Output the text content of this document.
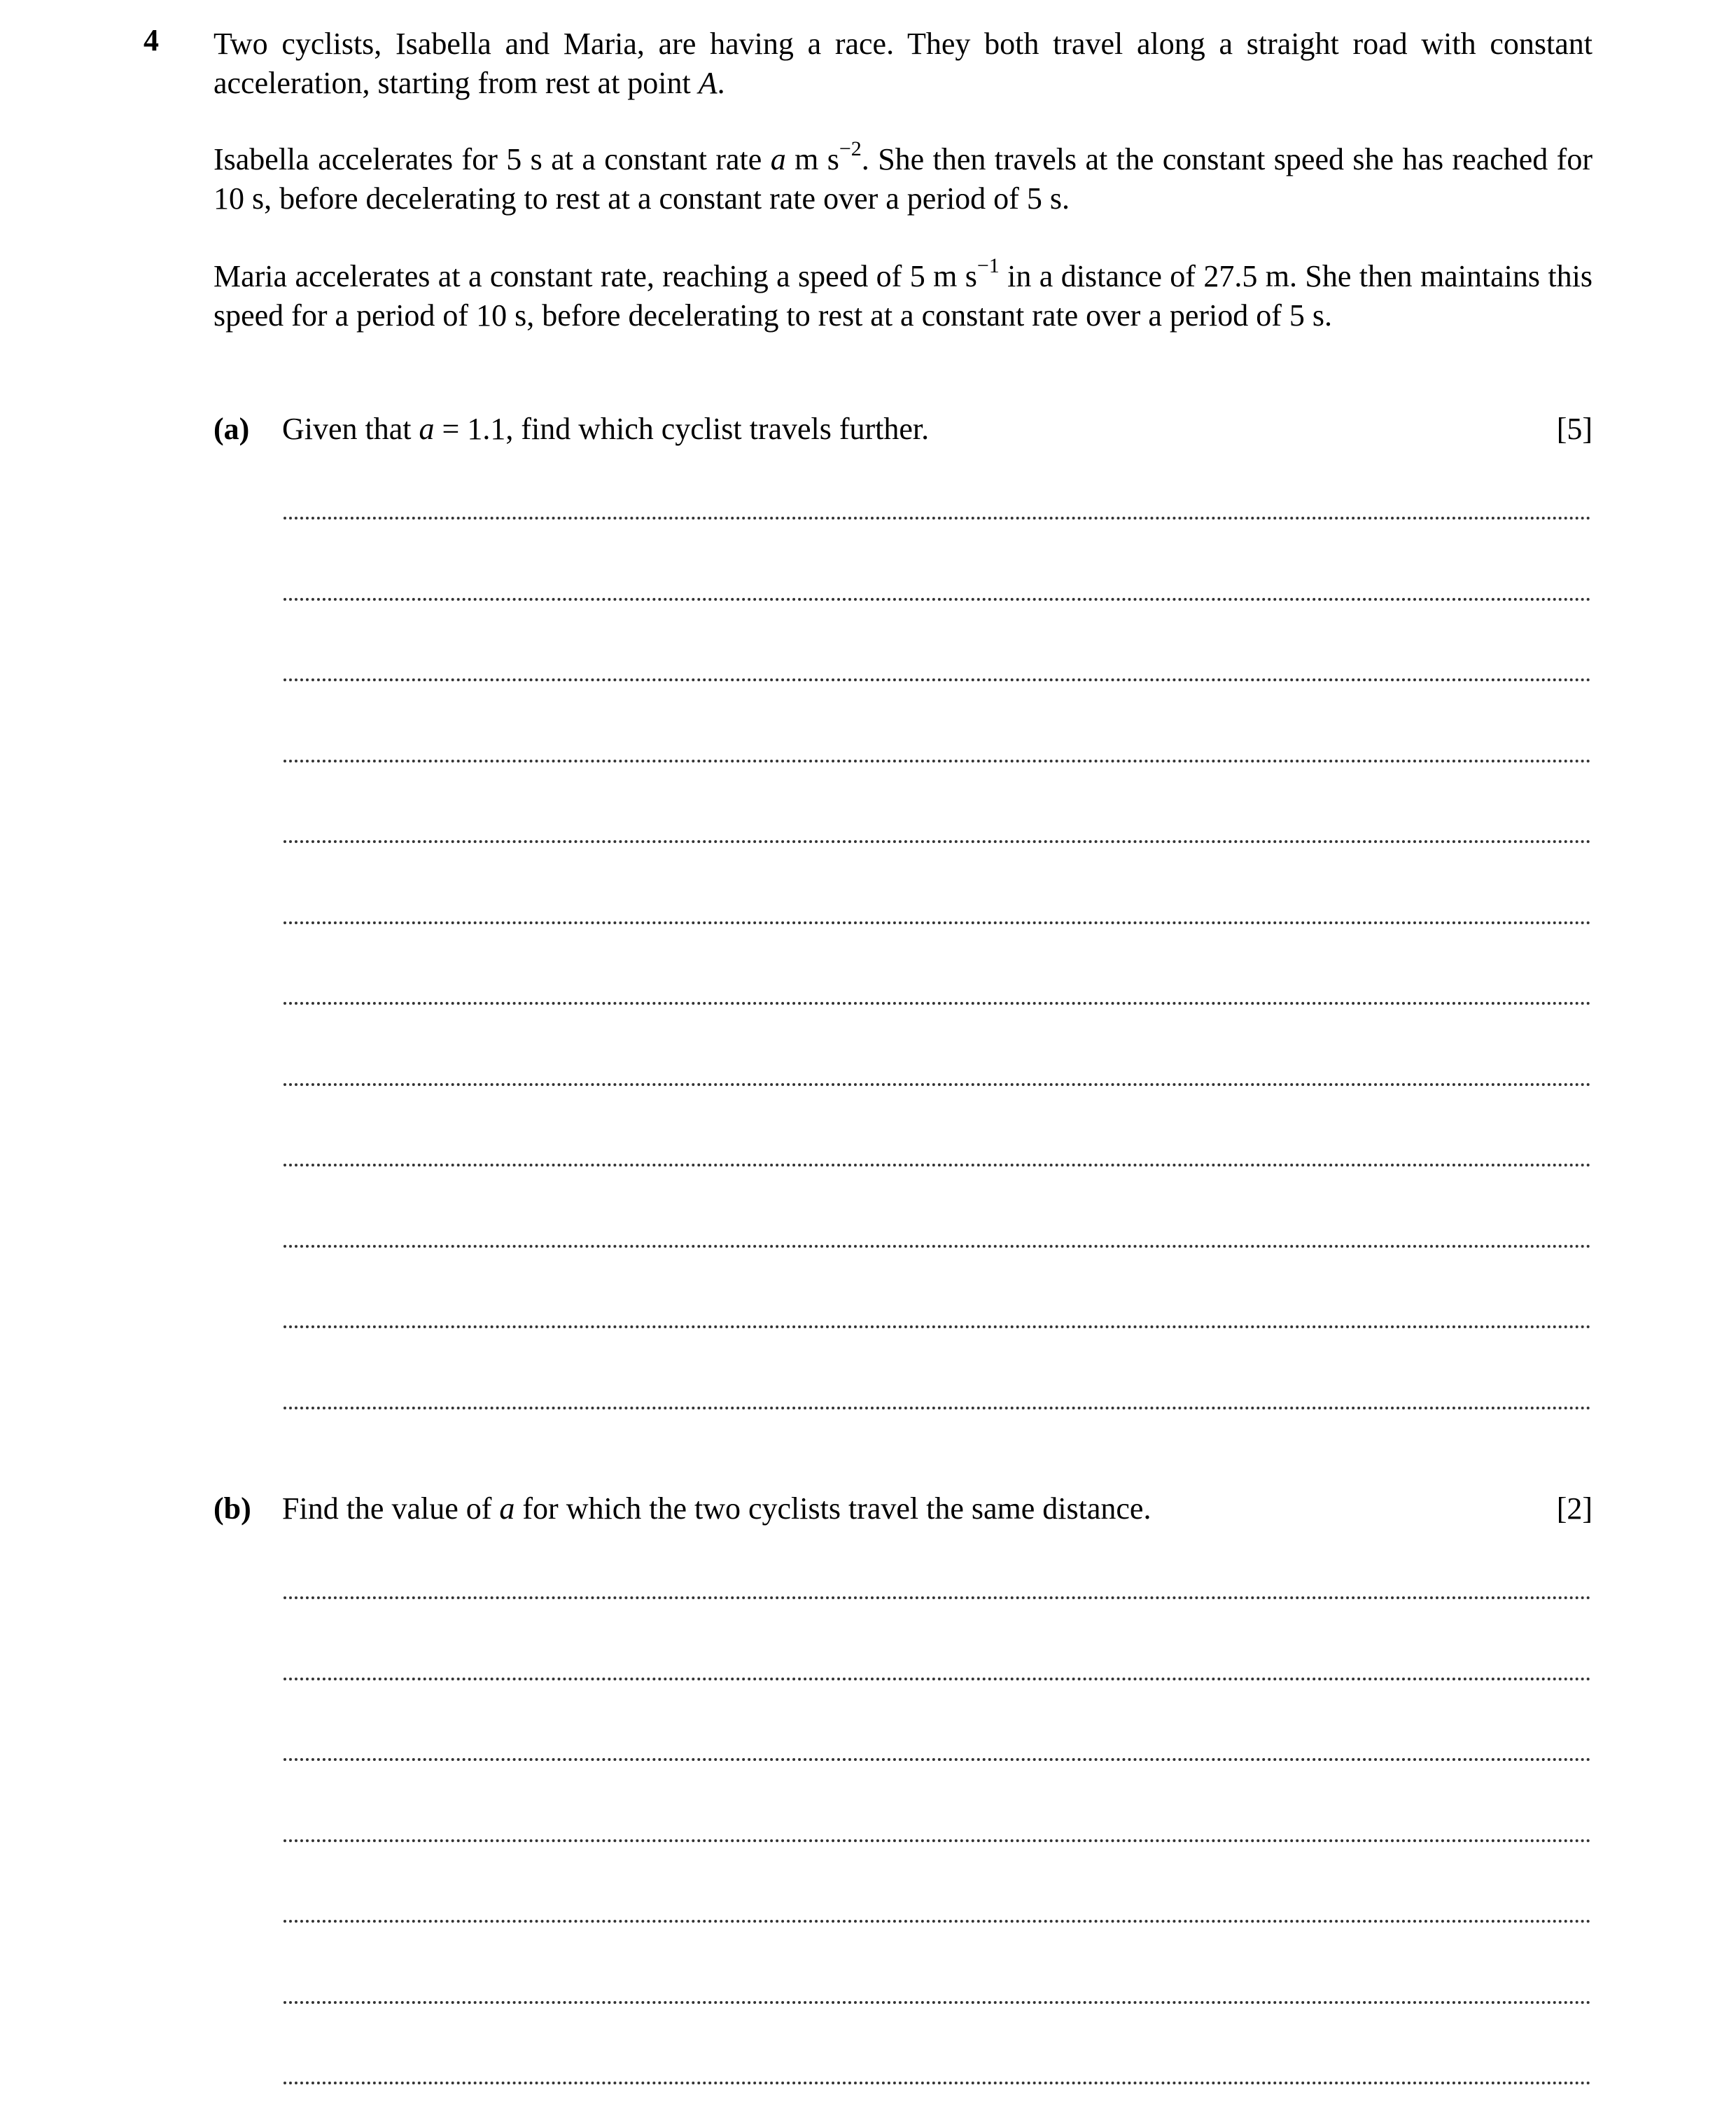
4 Two cyclists, Isabella and Maria, are having a race. They both travel along a straight road with constant acceleration, starting from rest at point A.
Isabella accelerates for 5 s at a constant rate a m $s^{-2}$. She then travels at the constant speed she has reached for 10 s, before decelerating to rest at a constant rate over a period of 5 s.
Maria accelerates at a constant rate, reaching a speed of 5 m $s^{-1}$ in a distance of 27.5 m. She then maintains this speed for a period of 10 s, before decelerating to rest at a constant rate over a period of 5 s.
(a) Given that a = 1.1, find which cyclist travels further.	[5]
(b) Find the value of a for which the two cyclists travel the same distance.	[2]
